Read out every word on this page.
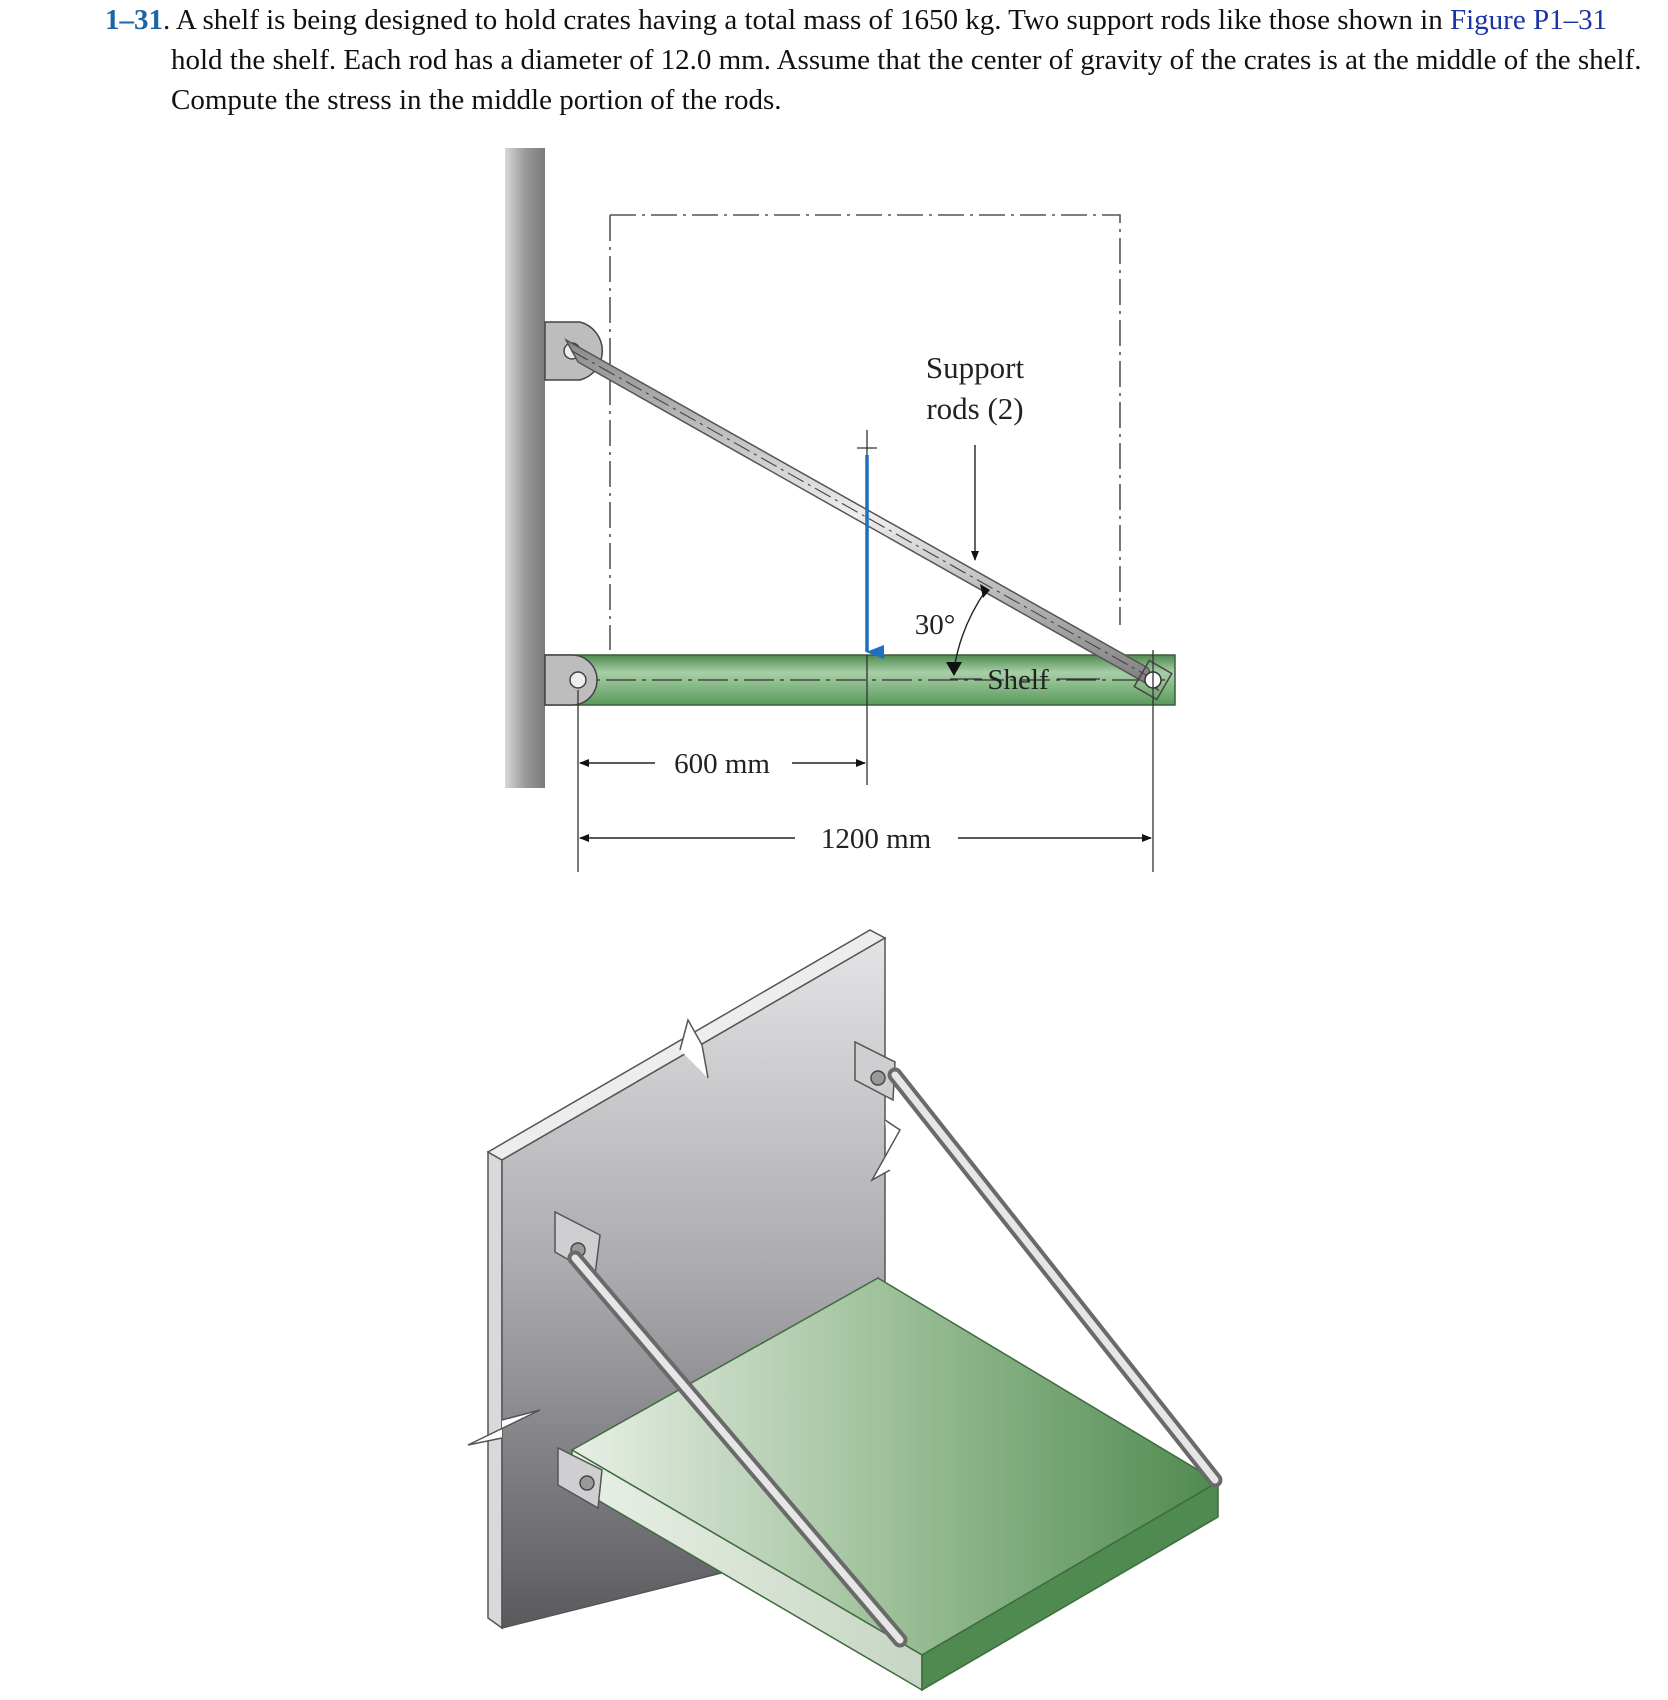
1–31. A shelf is being designed to hold crates having a total mass of 1650 kg. Two support rods like those shown in Figure P1–31 hold the shelf. Each rod has a diameter of 12.0 mm. Assume that the center of gravity of the crates is at the middle of the shelf. Compute the stress in the middle portion of the rods.
Support
rods (2)
30°
Shelf
600 mm
1200 mm
